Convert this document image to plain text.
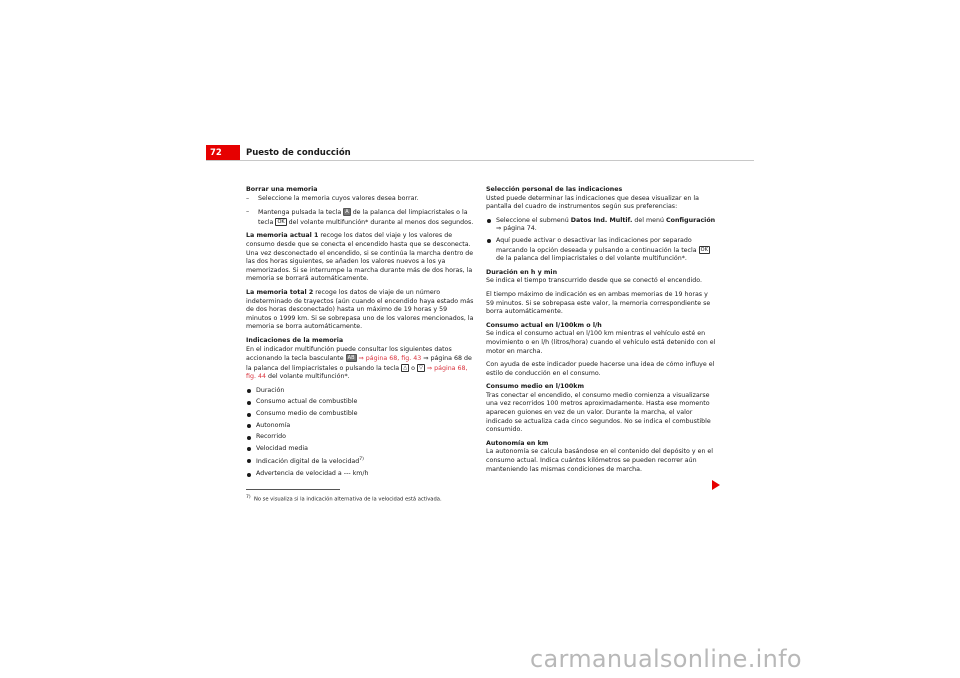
72	Puesto de conducción
Borrar una memoria

– Seleccione la memoria cuyos valores desea borrar.

– Mantenga pulsada la tecla A de la palanca del limpiacristales o la tecla OK del volante multifunción* durante al menos dos segundos.

La memoria actual 1 recoge los datos del viaje y los valores de consumo desde que se conecta el encendido hasta que se desconecta. Una vez desconectado el encendido, si se continúa la marcha dentro de las dos horas siguientes, se añaden los valores nuevos a los ya memorizados. Si se interrumpe la marcha durante más de dos horas, la memoria se borrará automáticamente.

La memoria total 2 recoge los datos de viaje de un número indeterminado de trayectos (aún cuando el encendido haya estado más de dos horas desconectado) hasta un máximo de 19 horas y 59 minutos o 1999 km. Si se sobrepasa uno de los valores mencionados, la memoria se borra automáticamente.

Indicaciones de la memoria

En el indicador multifunción puede consultar los siguientes datos accionando la tecla basculante AB ⇒ página 68, fig. 43 ⇒ página 68 de la palanca del limpiacristales o pulsando la tecla △ o ▽ ⇒ página 68, fig. 44 del volante multifunción*.

Duración
Consumo actual de combustible
Consumo medio de combustible
Autonomía
Recorrido
Velocidad media
Indicación digital de la velocidad$^{7)}$
Advertencia de velocidad a --- km/h
$^{7)}$ No se visualiza si la indicación alternativa de la velocidad está activada.
Selección personal de las indicaciones

Usted puede determinar las indicaciones que desea visualizar en la pantalla del cuadro de instrumentos según sus preferencias:

Seleccione el submenú Datos Ind. Multif. del menú Configuración
⇒ página 74.
Aquí puede activar o desactivar las indicaciones por separado marcando la opción deseada y pulsando a continuación la tecla OK de la palanca del limpiacristales o del volante multifunción*.
Duración en h y min

Se indica el tiempo transcurrido desde que se conectó el encendido.

El tiempo máximo de indicación es en ambas memorias de 19 horas y 59 minutos. Si se sobrepasa este valor, la memoria correspondiente se borra automáticamente.

Consumo actual en l/100km o l/h

Se indica el consumo actual en l/100 km mientras el vehículo esté en movimiento o en l/h (litros/hora) cuando el vehículo está detenido con el motor en marcha.

Con ayuda de este indicador puede hacerse una idea de cómo influye el estilo de conducción en el consumo.

Consumo medio en l/100km

Tras conectar el encendido, el consumo medio comienza a visualizarse una vez recorridos 100 metros aproximadamente. Hasta ese momento aparecen guiones en vez de un valor. Durante la marcha, el valor indicado se actualiza cada cinco segundos. No se indica el combustible consumido.

Autonomía en km

La autonomía se calcula basándose en el contenido del depósito y en el consumo actual. Indica cuántos kilómetros se pueden recorrer aún manteniendo las mismas condiciones de marcha.

carmanualsonline.info
